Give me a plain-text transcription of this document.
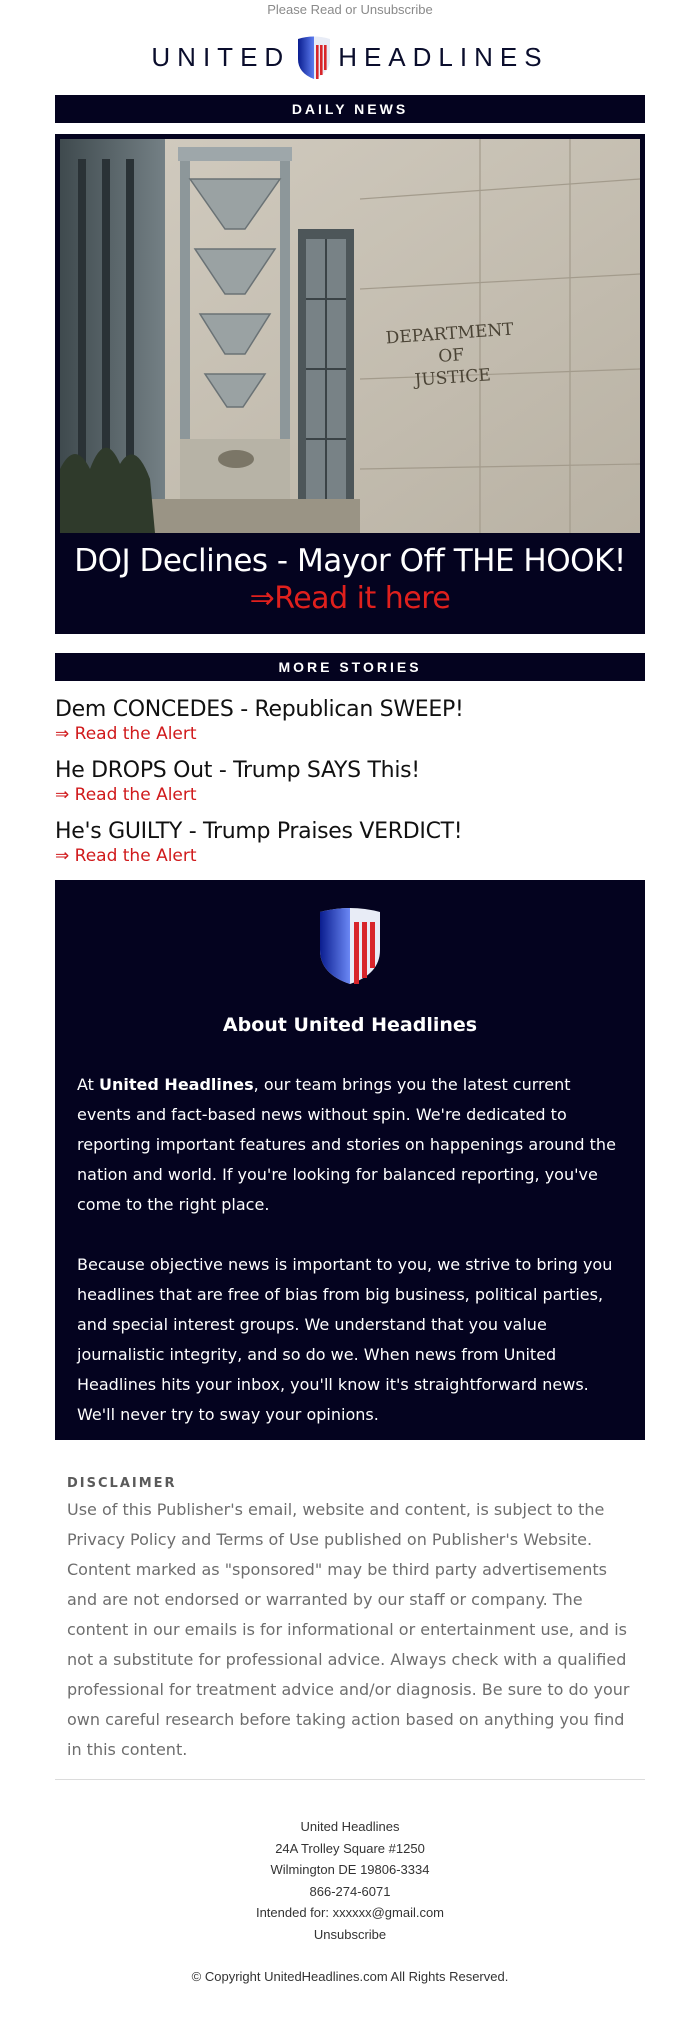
Please Read or Unsubscribe
UNITED HEADLINES
DAILY NEWS
DEPARTMENT
OF
JUSTICE
DOJ Declines - Mayor Off THE HOOK!
⇒Read it here
MORE STORIES
Dem CONCEDES - Republican SWEEP!
⇒ Read the Alert
He DROPS Out - Trump SAYS This!
⇒ Read the Alert
He's GUILTY - Trump Praises VERDICT!
⇒ Read the Alert
About United Headlines

At United Headlines, our team brings you the latest current events and fact-based news without spin. We're dedicated to reporting important features and stories on happenings around the nation and world. If you're looking for balanced reporting, you've come to the right place.

Because objective news is important to you, we strive to bring you headlines that are free of bias from big business, political parties, and special interest groups. We understand that you value journalistic integrity, and so do we. When news from United Headlines hits your inbox, you'll know it's straightforward news. We'll never try to sway your opinions.

DISCLAIMER
Use of this Publisher's email, website and content, is subject to the Privacy Policy and Terms of Use published on Publisher's Website. Content marked as "sponsored" may be third party advertisements and are not endorsed or warranted by our staff or company. The content in our emails is for informational or entertainment use, and is not a substitute for professional advice. Always check with a qualified professional for treatment advice and/or diagnosis. Be sure to do your own careful research before taking action based on anything you find in this content.
United Headlines
24A Trolley Square #1250
Wilmington DE 19806-3334
866-274-6071
Intended for: xxxxxx@gmail.com
Unsubscribe
© Copyright UnitedHeadlines.com All Rights Reserved.
